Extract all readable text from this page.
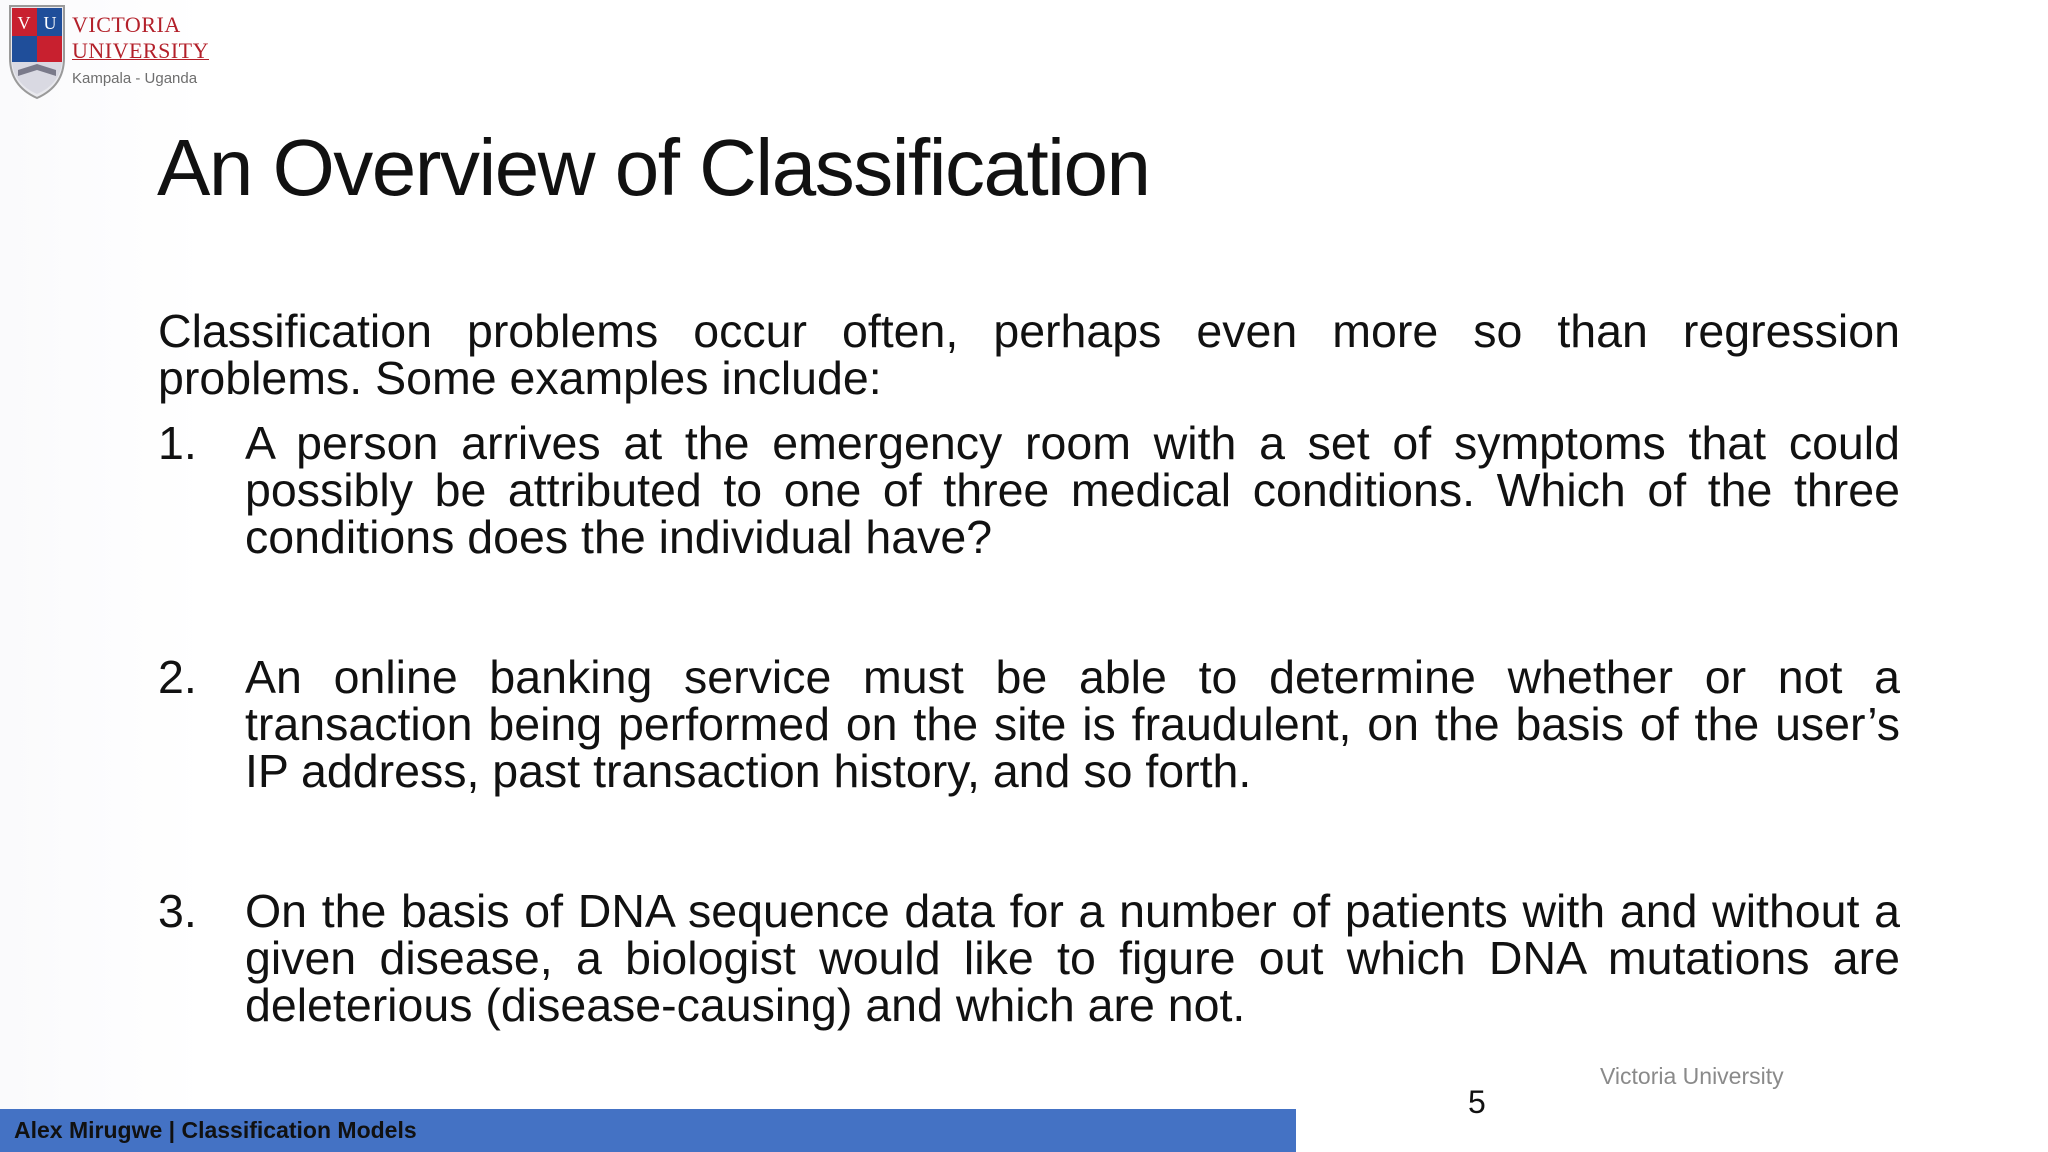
V U VICTORIA
UNIVERSITY
Kampala - Uganda
An Overview of Classification

Classification problems occur often, perhaps even more so than regression problems. Some examples include:

1.	A person arrives at the emergency room with a set of symptoms that could possibly be attributed to one of three medical conditions. Which of the three conditions does the individual have?
2.	An online banking service must be able to determine whether or not a transaction being performed on the site is fraudulent, on the basis of the user’s IP address, past transaction history, and so forth.
3.	On the basis of DNA sequence data for a number of patients with and without a given disease, a biologist would like to figure out which DNA mutations are deleterious (disease-causing) and which are not.
Victoria University
5
Alex Mirugwe | Classification Models
